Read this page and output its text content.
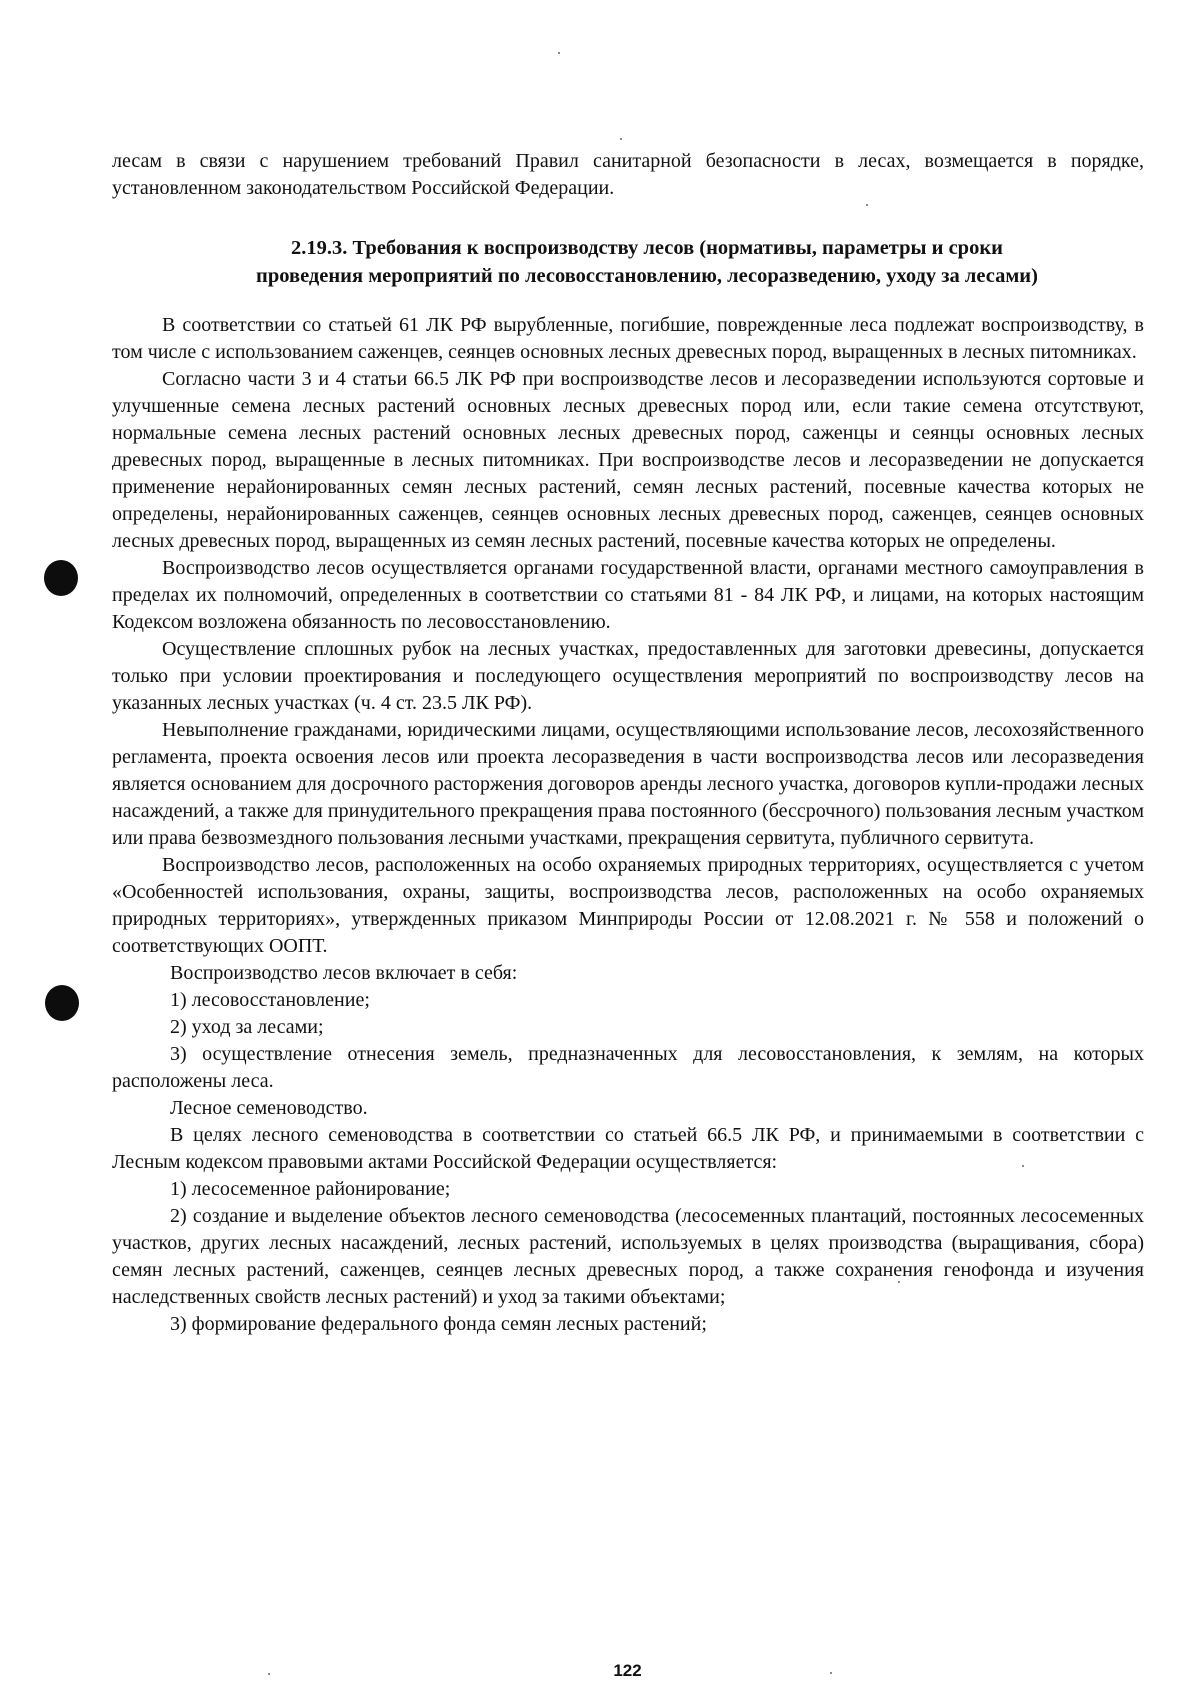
лесам в связи с нарушением требований Правил санитарной безопасности в лесах, возмещается в порядке, установленном законодательством Российской Федерации.

2.19.3. Требования к воспроизводству лесов (нормативы, параметры и сроки
проведения мероприятий по лесовосстановлению, лесоразведению, уходу за лесами)

В соответствии со статьей 61 ЛК РФ вырубленные, погибшие, поврежденные леса подлежат воспроизводству, в том числе с использованием саженцев, сеянцев основных лесных древесных пород, выращенных в лесных питомниках.

Согласно части 3 и 4 статьи 66.5 ЛК РФ при воспроизводстве лесов и лесоразведении используются сортовые и улучшенные семена лесных растений основных лесных древесных пород или, если такие семена отсутствуют, нормальные семена лесных растений основных лесных древесных пород, саженцы и сеянцы основных лесных древесных пород, выращенные в лесных питомниках. При воспроизводстве лесов и лесоразведении не допускается применение нерайонированных семян лесных растений, семян лесных растений, посевные качества которых не определены, нерайонированных саженцев, сеянцев основных лесных древесных пород, саженцев, сеянцев основных лесных древесных пород, выращенных из семян лесных растений, посевные качества которых не определены.

Воспроизводство лесов осуществляется органами государственной власти, органами местного самоуправления в пределах их полномочий, определенных в соответствии со статьями 81 - 84 ЛК РФ, и лицами, на которых настоящим Кодексом возложена обязанность по лесовосстановлению.

Осуществление сплошных рубок на лесных участках, предоставленных для заготовки древесины, допускается только при условии проектирования и последующего осуществления мероприятий по воспроизводству лесов на указанных лесных участках (ч. 4 ст. 23.5 ЛК РФ).

Невыполнение гражданами, юридическими лицами, осуществляющими использование лесов, лесохозяйственного регламента, проекта освоения лесов или проекта лесоразведения в части воспроизводства лесов или лесоразведения является основанием для досрочного расторжения договоров аренды лесного участка, договоров купли-продажи лесных насаждений, а также для принудительного прекращения права постоянного (бессрочного) пользования лесным участком или права безвозмездного пользования лесными участками, прекращения сервитута, публичного сервитута.

Воспроизводство лесов, расположенных на особо охраняемых природных территориях, осуществляется с учетом «Особенностей использования, охраны, защиты, воспроизводства лесов, расположенных на особо охраняемых природных территориях», утвержденных приказом Минприроды России от 12.08.2021 г. № 558 и положений о соответствующих ООПТ.

Воспроизводство лесов включает в себя:

1) лесовосстановление;

2) уход за лесами;

3) осуществление отнесения земель, предназначенных для лесовосстановления, к землям, на которых расположены леса.

Лесное семеноводство.

В целях лесного семеноводства в соответствии со статьей 66.5 ЛК РФ, и принимаемыми в соответствии с Лесным кодексом правовыми актами Российской Федерации осуществляется:

1) лесосеменное районирование;

2) создание и выделение объектов лесного семеноводства (лесосеменных плантаций, постоянных лесосеменных участков, других лесных насаждений, лесных растений, используемых в целях производства (выращивания, сбора) семян лесных растений, саженцев, сеянцев лесных древесных пород, а также сохранения генофонда и изучения наследственных свойств лесных растений) и уход за такими объектами;

3) формирование федерального фонда семян лесных растений;

122
